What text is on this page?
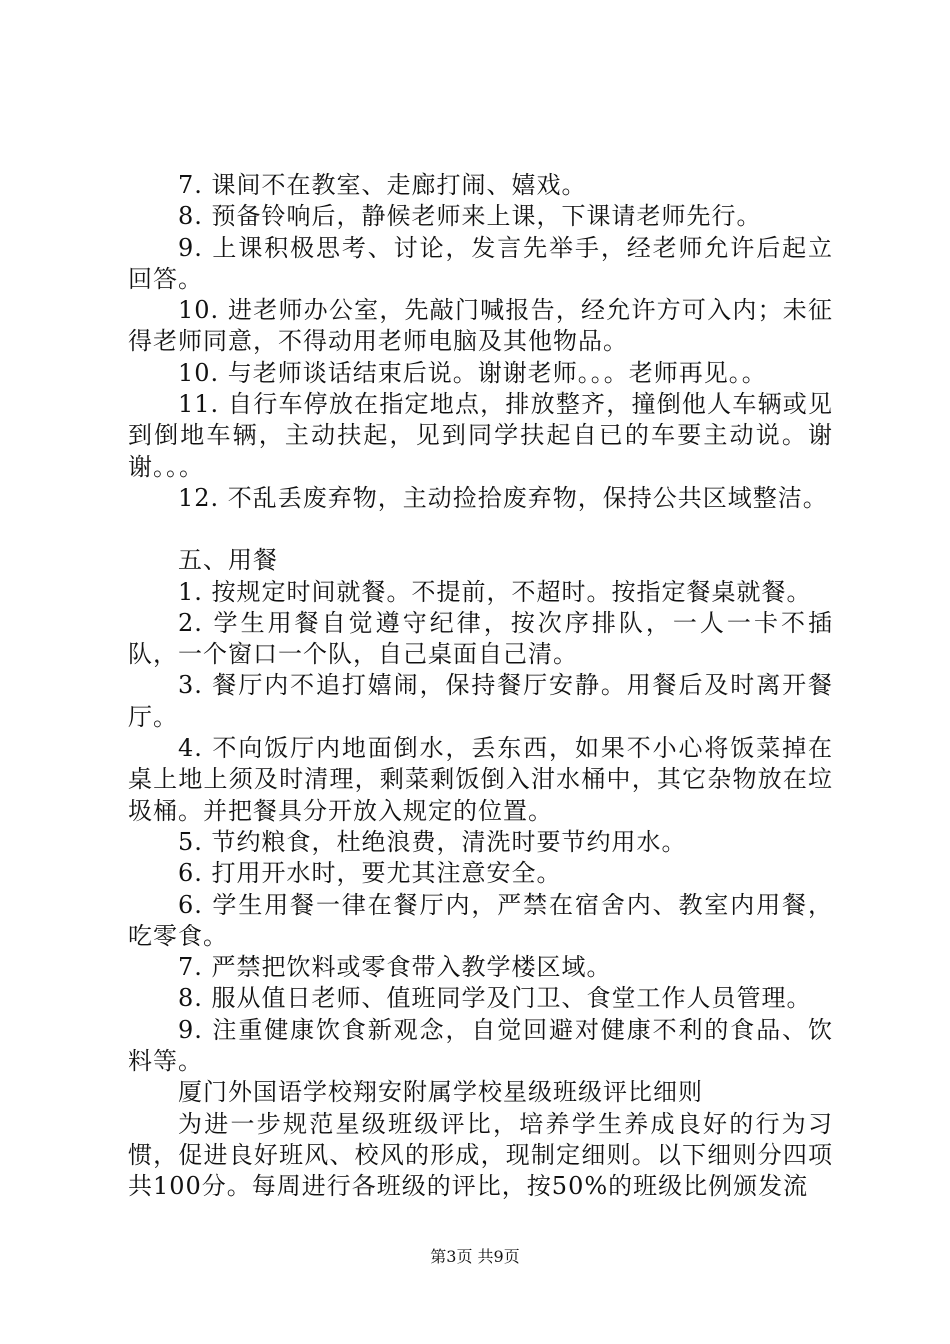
7. 课间不在教室、走廊打闹、嬉戏。

8. 预备铃响后，静候老师来上课，下课请老师先行。

9. 上课积极思考、讨论，发言先举手，经老师允许后起立回答。

10. 进老师办公室，先敲门喊报告，经允许方可入内；未征得老师同意，不得动用老师电脑及其他物品。

10. 与老师谈话结束后说。谢谢老师。。。老师再见。。

11. 自行车停放在指定地点，排放整齐，撞倒他人车辆或见到倒地车辆，主动扶起，见到同学扶起自已的车要主动说。谢谢。。。

12. 不乱丢废弃物，主动捡拾废弃物，保持公共区域整洁。

五、用餐

1. 按规定时间就餐。不提前，不超时。按指定餐桌就餐。

2. 学生用餐自觉遵守纪律，按次序排队，一人一卡不插队，一个窗口一个队，自己桌面自己清。

3. 餐厅内不追打嬉闹，保持餐厅安静。用餐后及时离开餐厅。

4. 不向饭厅内地面倒水，丢东西，如果不小心将饭菜掉在桌上地上须及时清理，剩菜剩饭倒入泔水桶中，其它杂物放在垃圾桶。并把餐具分开放入规定的位置。

5. 节约粮食，杜绝浪费，清洗时要节约用水。

6. 打用开水时，要尤其注意安全。

6. 学生用餐一律在餐厅内，严禁在宿舍内、教室内用餐，吃零食。

7. 严禁把饮料或零食带入教学楼区域。

8. 服从值日老师、值班同学及门卫、食堂工作人员管理。

9. 注重健康饮食新观念，自觉回避对健康不利的食品、饮料等。

厦门外国语学校翔安附属学校星级班级评比细则

为进一步规范星级班级评比，培养学生养成良好的行为习惯，促进良好班风、校风的形成，现制定细则。以下细则分四项共100分。每周进行各班级的评比，按50%的班级比例颁发流

第3页 共9页
